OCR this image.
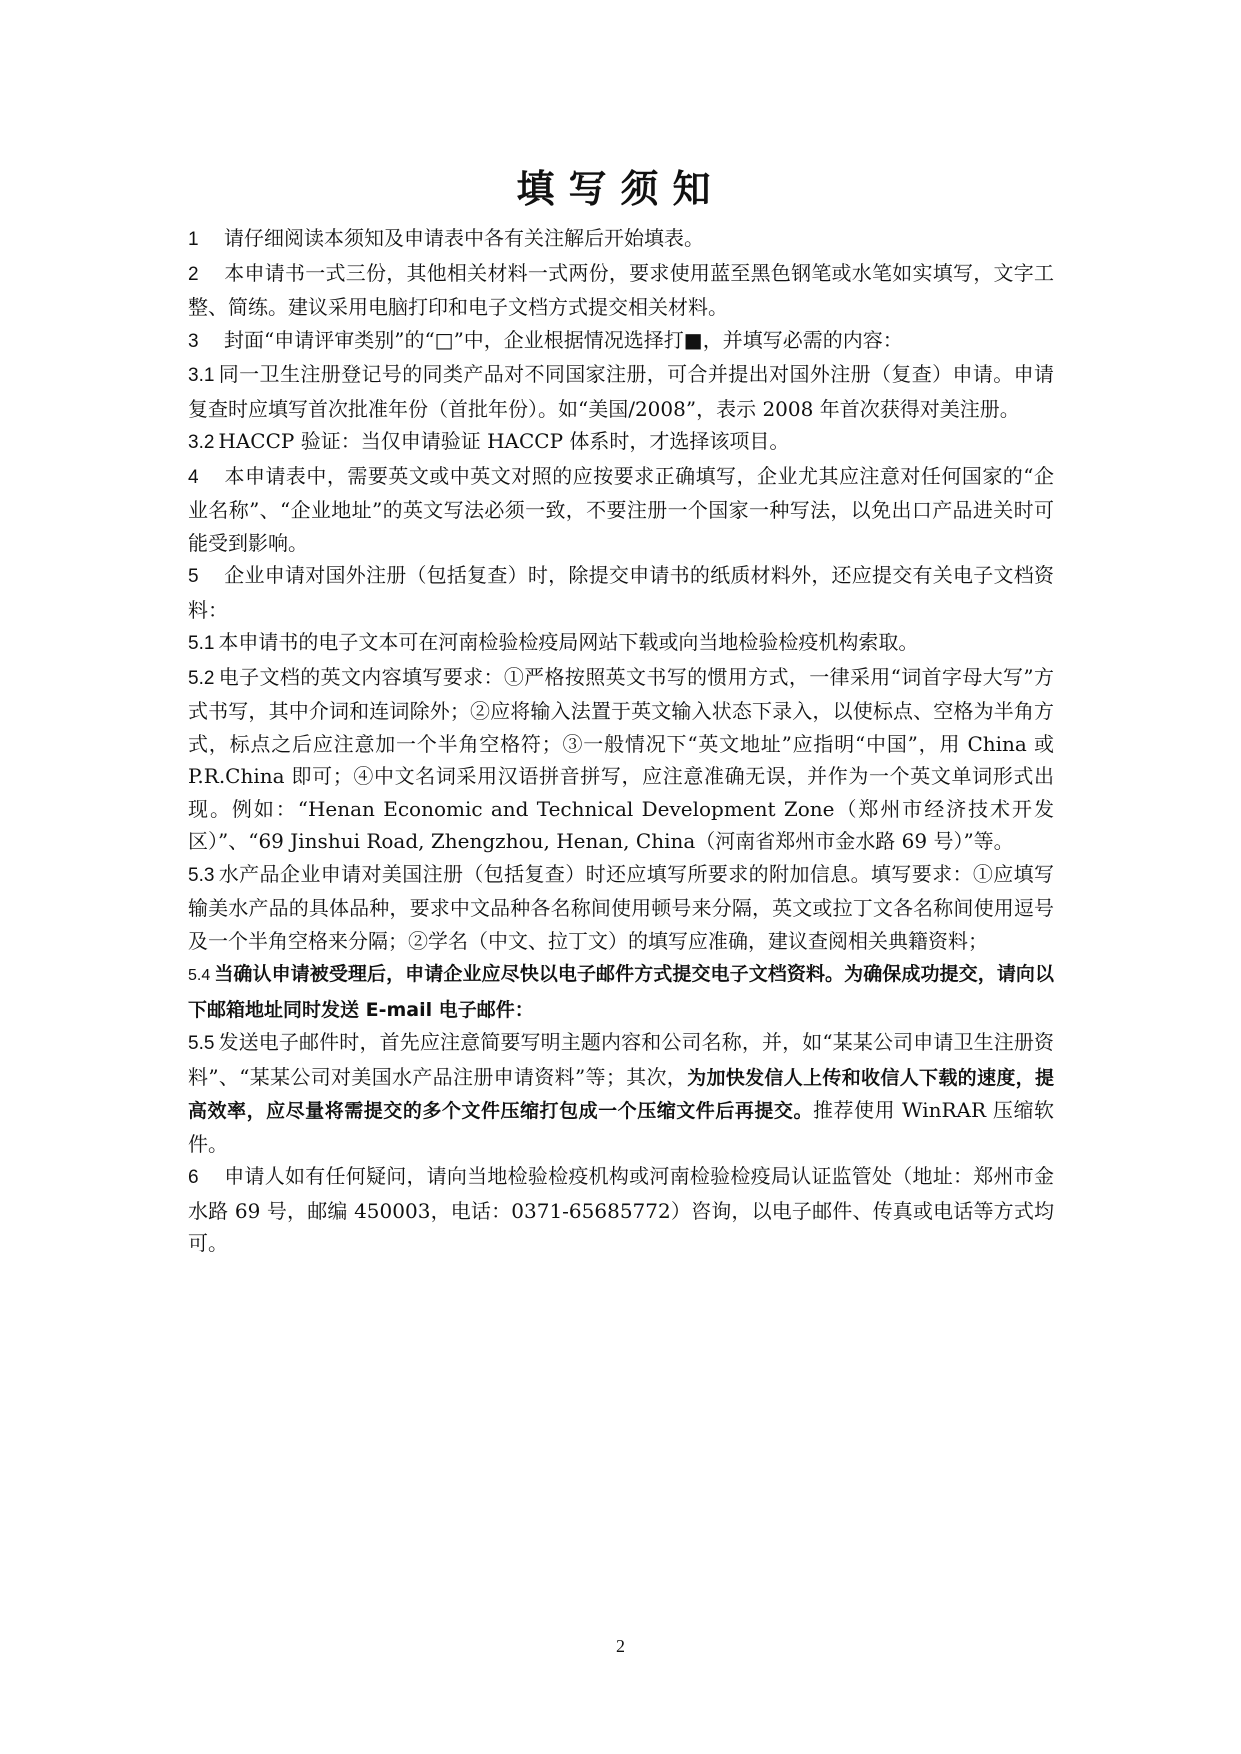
填写须知

1 请仔细阅读本须知及申请表中各有关注解后开始填表。

2 本申请书一式三份，其他相关材料一式两份，要求使用蓝至黑色钢笔或水笔如实填写，文字工整、简练。建议采用电脑打印和电子文档方式提交相关材料。

3 封面“申请评审类别”的“□”中，企业根据情况选择打■，并填写必需的内容：

3.1 同一卫生注册登记号的同类产品对不同国家注册，可合并提出对国外注册（复查）申请。申请复查时应填写首次批准年份（首批年份）。如“美国/2008”，表示 2008 年首次获得对美注册。

3.2 HACCP 验证：当仅申请验证 HACCP 体系时，才选择该项目。

4 本申请表中，需要英文或中英文对照的应按要求正确填写，企业尤其应注意对任何国家的“企业名称”、“企业地址”的英文写法必须一致，不要注册一个国家一种写法，以免出口产品进关时可能受到影响。

5 企业申请对国外注册（包括复查）时，除提交申请书的纸质材料外，还应提交有关电子文档资料：

5.1 本申请书的电子文本可在河南检验检疫局网站下载或向当地检验检疫机构索取。

5.2 电子文档的英文内容填写要求：①严格按照英文书写的惯用方式，一律采用“词首字母大写”方式书写，其中介词和连词除外；②应将输入法置于英文输入状态下录入，以使标点、空格为半角方式，标点之后应注意加一个半角空格符；③一般情况下“英文地址”应指明“中国”，用 China 或 P.R.China 即可；④中文名词采用汉语拼音拼写，应注意准确无误，并作为一个英文单词形式出现。例如：“Henan Economic and Technical Development Zone（郑州市经济技术开发区）”、“69 Jinshui Road, Zhengzhou, Henan, China（河南省郑州市金水路 69 号）”等。

5.3 水产品企业申请对美国注册（包括复查）时还应填写所要求的附加信息。填写要求：①应填写输美水产品的具体品种，要求中文品种各名称间使用顿号来分隔，英文或拉丁文各名称间使用逗号及一个半角空格来分隔；②学名（中文、拉丁文）的填写应准确，建议查阅相关典籍资料；

5.4 当确认申请被受理后，申请企业应尽快以电子邮件方式提交电子文档资料。为确保成功提交，请向以下邮箱地址同时发送 E-mail 电子邮件：

5.5 发送电子邮件时，首先应注意简要写明主题内容和公司名称，并，如“某某公司申请卫生注册资料”、“某某公司对美国水产品注册申请资料”等；其次，为加快发信人上传和收信人下载的速度，提高效率，应尽量将需提交的多个文件压缩打包成一个压缩文件后再提交。推荐使用 WinRAR 压缩软件。

6 申请人如有任何疑问，请向当地检验检疫机构或河南检验检疫局认证监管处（地址：郑州市金水路 69 号，邮编 450003，电话：0371-65685772）咨询，以电子邮件、传真或电话等方式均可。

2
